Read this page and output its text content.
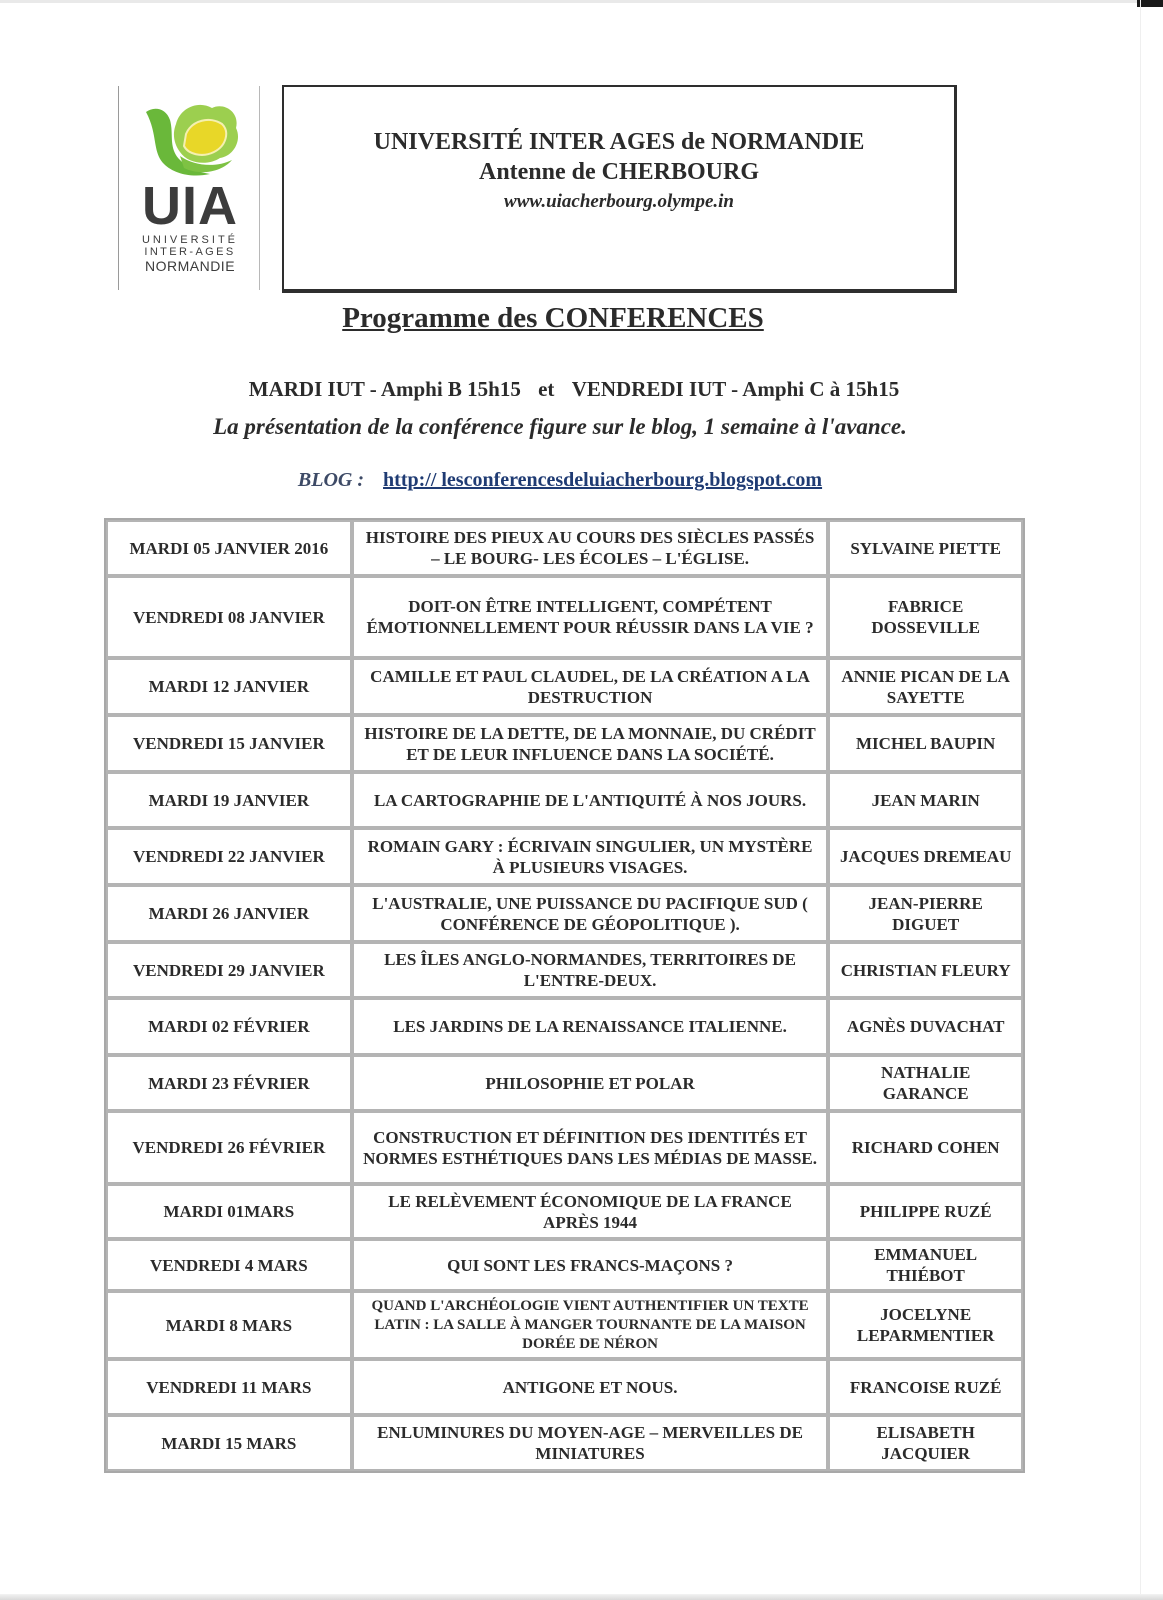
UIA
UNIVERSITÉ
INTER-AGES
NORMANDIE
UNIVERSITÉ INTER AGES de NORMANDIE
Antenne de CHERBOURG
www.uiacherbourg.olympe.in
Programme des CONFERENCES
MARDI IUT - Amphi B 15h15 et VENDREDI IUT - Amphi C à 15h15
La présentation de la conférence figure sur le blog, 1 semaine à l'avance.
BLOG : http:// lesconferencesdeluiacherbourg.blogspot.com
MARDI 05 JANVIER 2016	HISTOIRE DES PIEUX AU COURS DES SIÈCLES PASSÉS – LE BOURG- LES ÉCOLES – L'ÉGLISE.	SYLVAINE PIETTE
VENDREDI 08 JANVIER	DOIT-ON ÊTRE INTELLIGENT, COMPÉTENT ÉMOTIONNELLEMENT POUR RÉUSSIR DANS LA VIE ?	FABRICE DOSSEVILLE
MARDI 12 JANVIER	CAMILLE ET PAUL CLAUDEL, DE LA CRÉATION A LA DESTRUCTION	ANNIE PICAN DE LA SAYETTE
VENDREDI 15 JANVIER	HISTOIRE DE LA DETTE, DE LA MONNAIE, DU CRÉDIT ET DE LEUR INFLUENCE DANS LA SOCIÉTÉ.	MICHEL BAUPIN
MARDI 19 JANVIER	LA CARTOGRAPHIE DE L'ANTIQUITÉ À NOS JOURS.	JEAN MARIN
VENDREDI 22 JANVIER	ROMAIN GARY : ÉCRIVAIN SINGULIER, UN MYSTÈRE À PLUSIEURS VISAGES.	JACQUES DREMEAU
MARDI 26 JANVIER	L'AUSTRALIE, UNE PUISSANCE DU PACIFIQUE SUD ( CONFÉRENCE DE GÉOPOLITIQUE ).	JEAN-PIERRE DIGUET
VENDREDI 29 JANVIER	LES ÎLES ANGLO-NORMANDES, TERRITOIRES DE L'ENTRE-DEUX.	CHRISTIAN FLEURY
MARDI 02 FÉVRIER	LES JARDINS DE LA RENAISSANCE ITALIENNE.	AGNÈS DUVACHAT
MARDI 23 FÉVRIER	PHILOSOPHIE ET POLAR	NATHALIE GARANCE
VENDREDI 26 FÉVRIER	CONSTRUCTION ET DÉFINITION DES IDENTITÉS ET NORMES ESTHÉTIQUES DANS LES MÉDIAS DE MASSE.	RICHARD COHEN
MARDI 01MARS	LE RELÈVEMENT ÉCONOMIQUE DE LA FRANCE APRÈS 1944	PHILIPPE RUZÉ
VENDREDI 4 MARS	QUI SONT LES FRANCS-MAÇONS ?	EMMANUEL THIÉBOT
MARDI 8 MARS	QUAND L'ARCHÉOLOGIE VIENT AUTHENTIFIER UN TEXTE LATIN : LA SALLE À MANGER TOURNANTE DE LA MAISON DORÉE DE NÉRON	JOCELYNE LEPARMENTIER
VENDREDI 11 MARS	ANTIGONE ET NOUS.	FRANCOISE RUZÉ
MARDI 15 MARS	ENLUMINURES DU MOYEN-AGE – MERVEILLES DE MINIATURES	ELISABETH JACQUIER
